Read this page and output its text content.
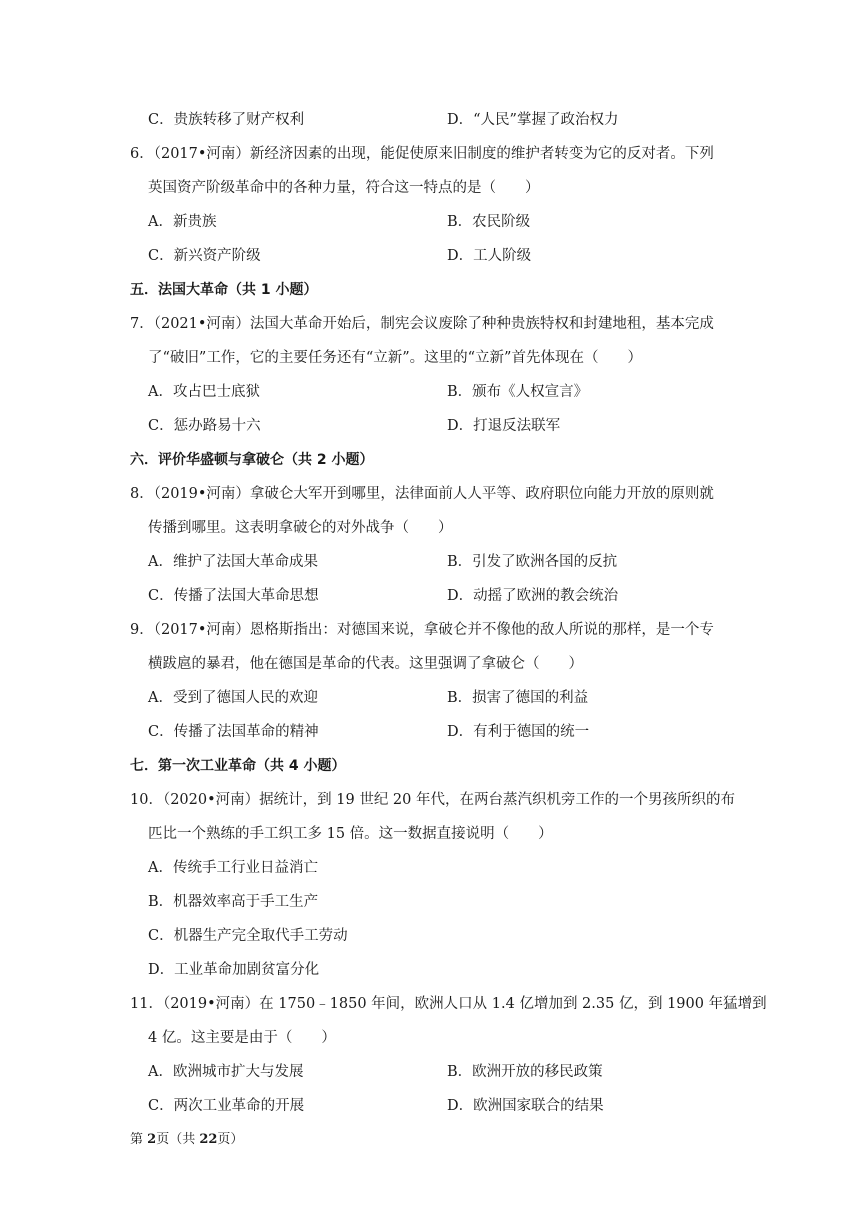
C．贵族转移了财产权利	D．“人民”掌握了政治权力
6．（2017•河南）新经济因素的出现，能促使原来旧制度的维护者转变为它的反对者。下列
英国资产阶级革命中的各种力量，符合这一特点的是（　　）
A．新贵族	B．农民阶级
C．新兴资产阶级	D．工人阶级
五．法国大革命（共 1 小题）
7．（2021•河南）法国大革命开始后，制宪会议废除了种种贵族特权和封建地租，基本完成
了“破旧”工作，它的主要任务还有“立新”。这里的“立新”首先体现在（　　）
A．攻占巴士底狱	B．颁布《人权宣言》
C．惩办路易十六	D．打退反法联军
六．评价华盛顿与拿破仑（共 2 小题）
8．（2019•河南）拿破仑大军开到哪里，法律面前人人平等、政府职位向能力开放的原则就
传播到哪里。这表明拿破仑的对外战争（　　）
A．维护了法国大革命成果	B．引发了欧洲各国的反抗
C．传播了法国大革命思想	D．动摇了欧洲的教会统治
9．（2017•河南）恩格斯指出：对德国来说，拿破仑并不像他的敌人所说的那样，是一个专
横跋扈的暴君，他在德国是革命的代表。这里强调了拿破仑（　　）
A．受到了德国人民的欢迎	B．损害了德国的利益
C．传播了法国革命的精神	D．有利于德国的统一
七．第一次工业革命（共 4 小题）
10．（2020•河南）据统计，到 19 世纪 20 年代，在两台蒸汽织机旁工作的一个男孩所织的布
匹比一个熟练的手工织工多 15 倍。这一数据直接说明（　　）
A．传统手工行业日益消亡
B．机器效率高于手工生产
C．机器生产完全取代手工劳动
D．工业革命加剧贫富分化
11．（2019•河南）在 1750﹣1850 年间，欧洲人口从 1.4 亿增加到 2.35 亿，到 1900 年猛增到
4 亿。这主要是由于（　　）
A．欧洲城市扩大与发展	B．欧洲开放的移民政策
C．两次工业革命的开展	D．欧洲国家联合的结果
第 2页（共 22页）
